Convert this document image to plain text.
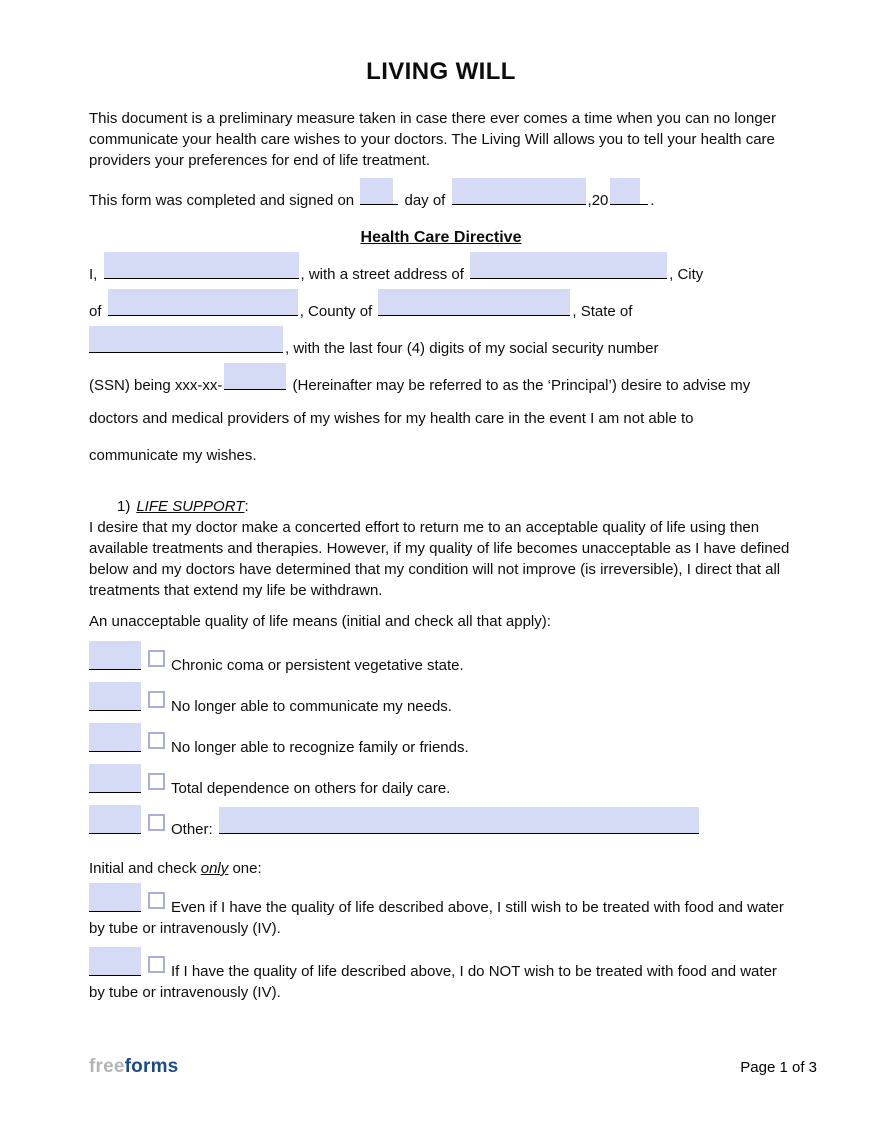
LIVING WILL

This document is a preliminary measure taken in case there ever comes a time when you can no longer communicate your health care wishes to your doctors. The Living Will allows you to tell your health care providers your preferences for end of life treatment.

This form was completed and signed on	day of	,20	.
Health Care Directive
I,	, with a street address of	, City
of	, County of	, State of
, with the last four (4) digits of my social security number
(SSN) being xxx-xx-	(Hereinafter may be referred to as the ‘Principal’) desire to advise my
doctors and medical providers of my wishes for my health care in the event I am not able to
communicate my wishes.
1) LIFE SUPPORT:

I desire that my doctor make a concerted effort to return me to an acceptable quality of life using then available treatments and therapies. However, if my quality of life becomes unacceptable as I have defined below and my doctors have determined that my condition will not improve (is irreversible), I direct that all treatments that extend my life be withdrawn.

An unacceptable quality of life means (initial and check all that apply):

Chronic coma or persistent vegetative state.
No longer able to communicate my needs.
No longer able to recognize family or friends.
Total dependence on others for daily care.
Other:

Initial and check only one:

Even if I have the quality of life described above, I still wish to be treated with food and water by tube or intravenously (IV).
If I have the quality of life described above, I do NOT wish to be treated with food and water by tube or intravenously (IV).
freeforms	Page 1 of 3
